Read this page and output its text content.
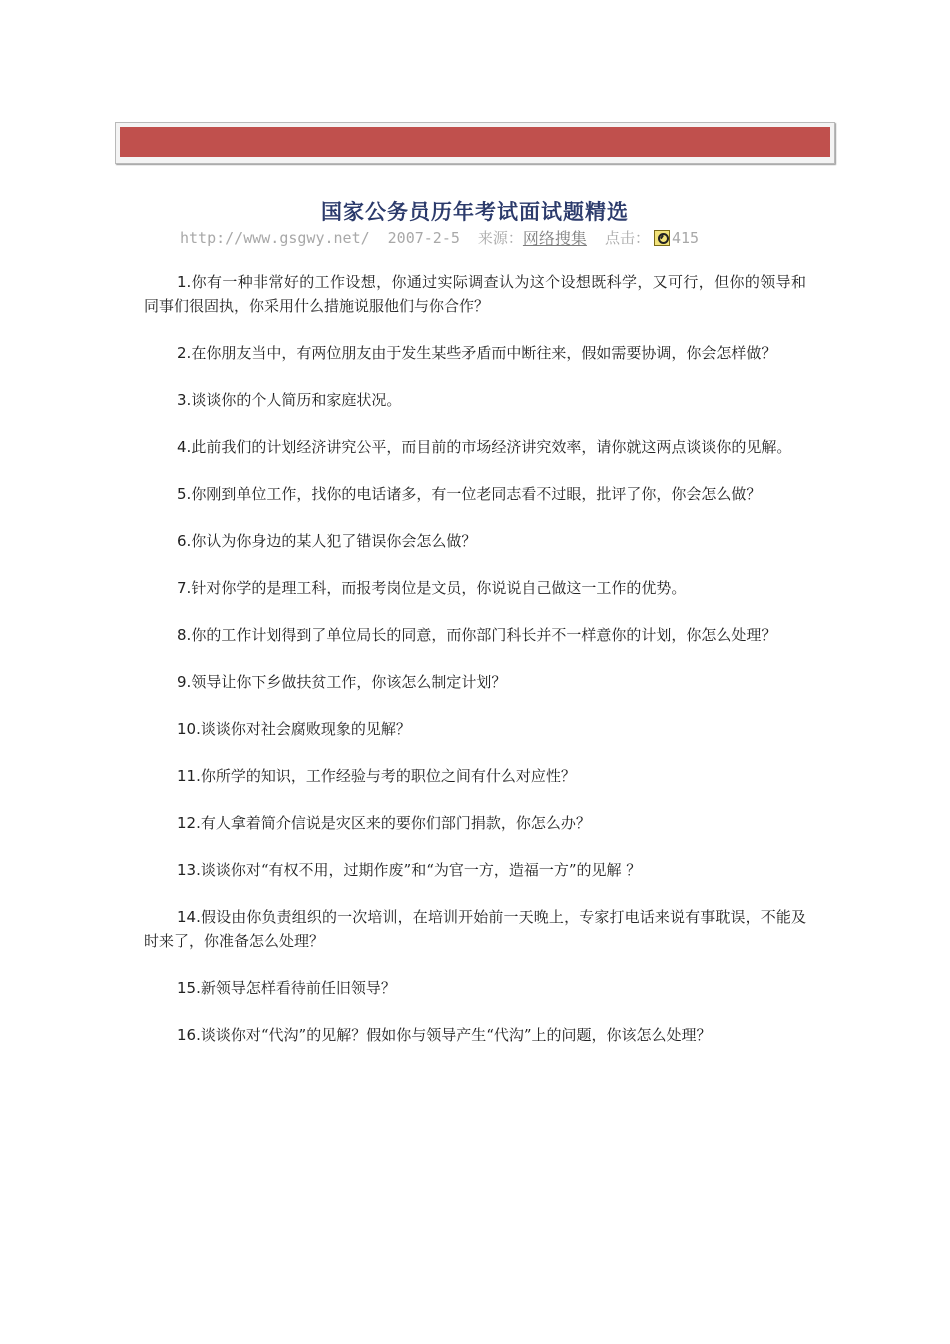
国家公务员历年考试面试题精选
http://www.gsgwy.net/ 2007-2-5 来源： 网络搜集 点击： 415

1.你有一种非常好的工作设想，你通过实际调查认为这个设想既科学，又可行，但你的领导和同事们很固执，你采用什么措施说服他们与你合作？

2.在你朋友当中，有两位朋友由于发生某些矛盾而中断往来，假如需要协调，你会怎样做？

3.谈谈你的个人简历和家庭状况。

4.此前我们的计划经济讲究公平，而目前的市场经济讲究效率，请你就这两点谈谈你的见解。

5.你刚到单位工作，找你的电话诸多，有一位老同志看不过眼，批评了你，你会怎么做？

6.你认为你身边的某人犯了错误你会怎么做？

7.针对你学的是理工科，而报考岗位是文员，你说说自己做这一工作的优势。

8.你的工作计划得到了单位局长的同意，而你部门科长并不一样意你的计划，你怎么处理？

9.领导让你下乡做扶贫工作，你该怎么制定计划？

10.谈谈你对社会腐败现象的见解？

11.你所学的知识，工作经验与考的职位之间有什么对应性？

12.有人拿着简介信说是灾区来的要你们部门捐款，你怎么办？

13.谈谈你对“有权不用，过期作废”和“为官一方，造福一方”的见解 ？

14.假设由你负责组织的一次培训，在培训开始前一天晚上，专家打电话来说有事耽误，不能及时来了，你准备怎么处理？

15.新领导怎样看待前任旧领导？

16.谈谈你对“代沟”的见解？假如你与领导产生“代沟”上的问题，你该怎么处理？
